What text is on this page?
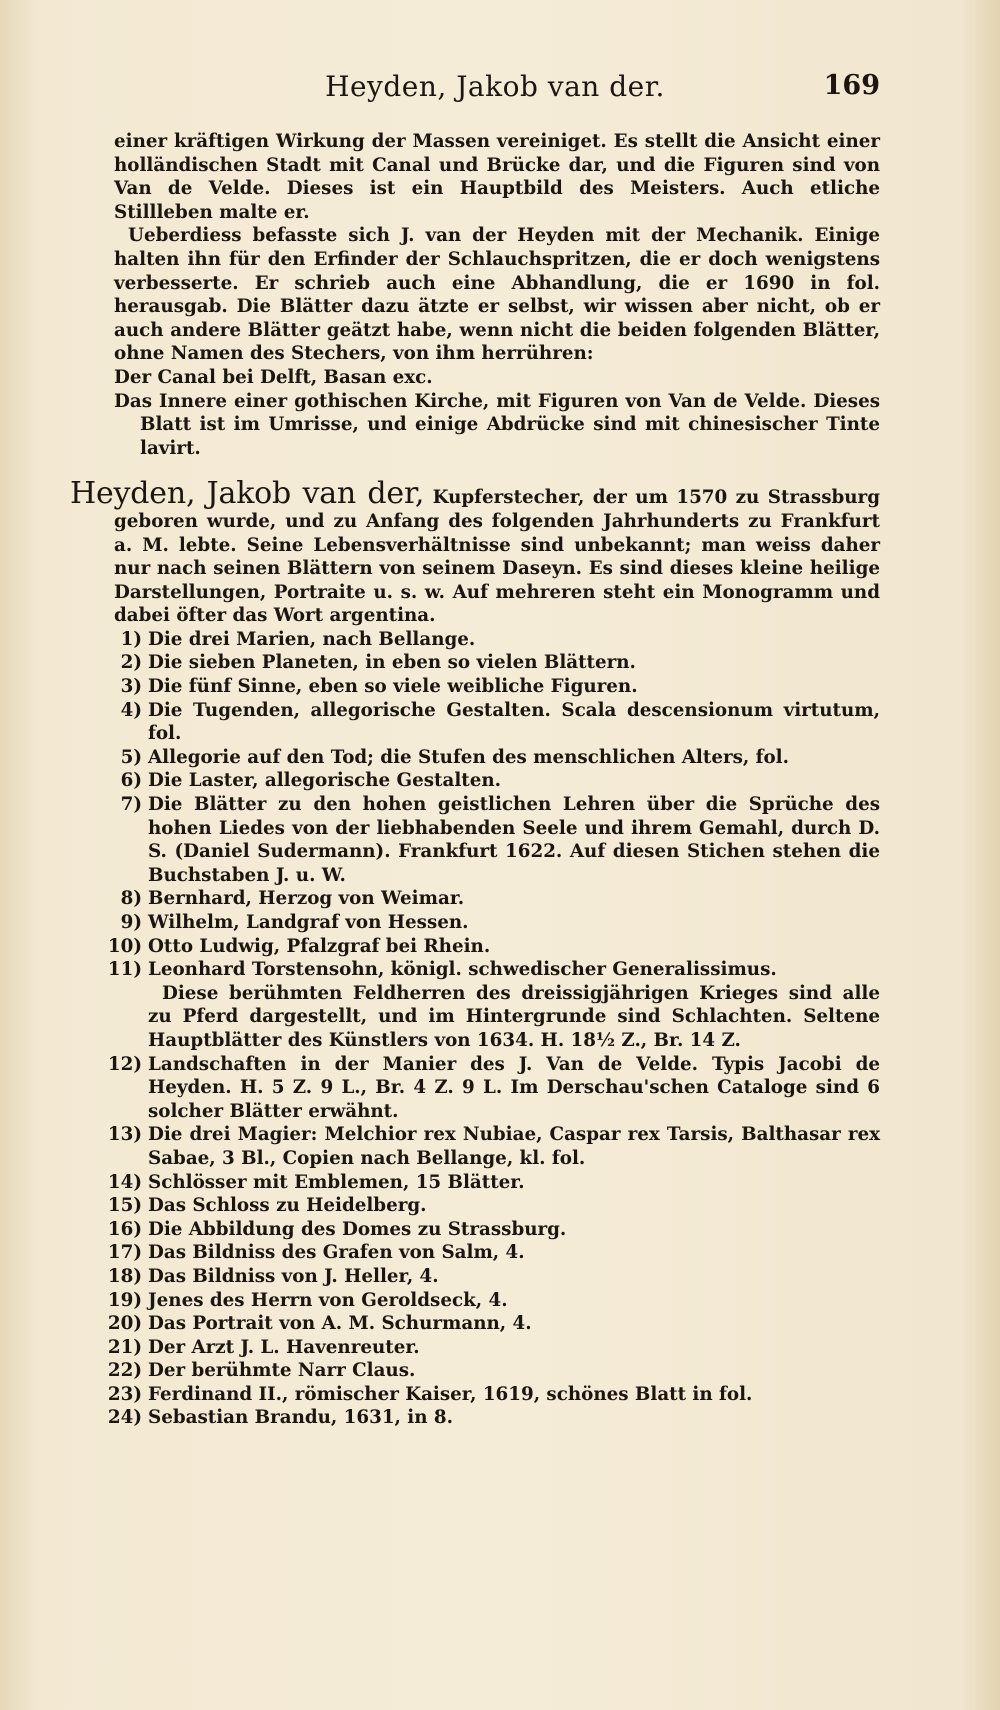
Heyden, Jakob van der.	169

einer kräftigen Wirkung der Massen vereiniget. Es stellt die Ansicht einer holländischen Stadt mit Canal und Brücke dar, und die Figuren sind von Van de Velde. Dieses ist ein Hauptbild des Meisters. Auch etliche Stillleben malte er.

Ueberdiess befasste sich J. van der Heyden mit der Mechanik. Einige halten ihn für den Erfinder der Schlauchspritzen, die er doch wenigstens verbesserte. Er schrieb auch eine Abhandlung, die er 1690 in fol. herausgab. Die Blätter dazu ätzte er selbst, wir wissen aber nicht, ob er auch andere Blätter geätzt habe, wenn nicht die beiden folgenden Blätter, ohne Namen des Stechers, von ihm herrühren:

Der Canal bei Delft, Basan exc.
Das Innere einer gothischen Kirche, mit Figuren von Van de Velde. Dieses Blatt ist im Umrisse, und einige Abdrücke sind mit chinesischer Tinte lavirt.

Heyden, Jakob van der, Kupferstecher, der um 1570 zu Strassburg geboren wurde, und zu Anfang des folgenden Jahrhunderts zu Frankfurt a. M. lebte. Seine Lebensverhältnisse sind unbekannt; man weiss daher nur nach seinen Blättern von seinem Daseyn. Es sind dieses kleine heilige Darstellungen, Portraite u. s. w. Auf mehreren steht ein Monogramm und dabei öfter das Wort argentina.

1) Die drei Marien, nach Bellange.
2) Die sieben Planeten, in eben so vielen Blättern.
3) Die fünf Sinne, eben so viele weibliche Figuren.
4) Die Tugenden, allegorische Gestalten. Scala descensionum virtutum, fol.
5) Allegorie auf den Tod; die Stufen des menschlichen Alters, fol.
6) Die Laster, allegorische Gestalten.
7) Die Blätter zu den hohen geistlichen Lehren über die Sprüche des hohen Liedes von der liebhabenden Seele und ihrem Gemahl, durch D. S. (Daniel Sudermann). Frankfurt 1622. Auf diesen Stichen stehen die Buchstaben J. u. W.
8) Bernhard, Herzog von Weimar.
9) Wilhelm, Landgraf von Hessen.
10) Otto Ludwig, Pfalzgraf bei Rhein.
11) Leonhard Torstensohn, königl. schwedischer Generalissimus.
Diese berühmten Feldherren des dreissigjährigen Krieges sind alle zu Pferd dargestellt, und im Hintergrunde sind Schlachten. Seltene Hauptblätter des Künstlers von 1634. H. 18½ Z., Br. 14 Z.
12) Landschaften in der Manier des J. Van de Velde. Typis Jacobi de Heyden. H. 5 Z. 9 L., Br. 4 Z. 9 L. Im Derschau'schen Cataloge sind 6 solcher Blätter erwähnt.
13) Die drei Magier: Melchior rex Nubiae, Caspar rex Tarsis, Balthasar rex Sabae, 3 Bl., Copien nach Bellange, kl. fol.
14) Schlösser mit Emblemen, 15 Blätter.
15) Das Schloss zu Heidelberg.
16) Die Abbildung des Domes zu Strassburg.
17) Das Bildniss des Grafen von Salm, 4.
18) Das Bildniss von J. Heller, 4.
19) Jenes des Herrn von Geroldseck, 4.
20) Das Portrait von A. M. Schurmann, 4.
21) Der Arzt J. L. Havenreuter.
22) Der berühmte Narr Claus.
23) Ferdinand II., römischer Kaiser, 1619, schönes Blatt in fol.
24) Sebastian Brandu, 1631, in 8.
